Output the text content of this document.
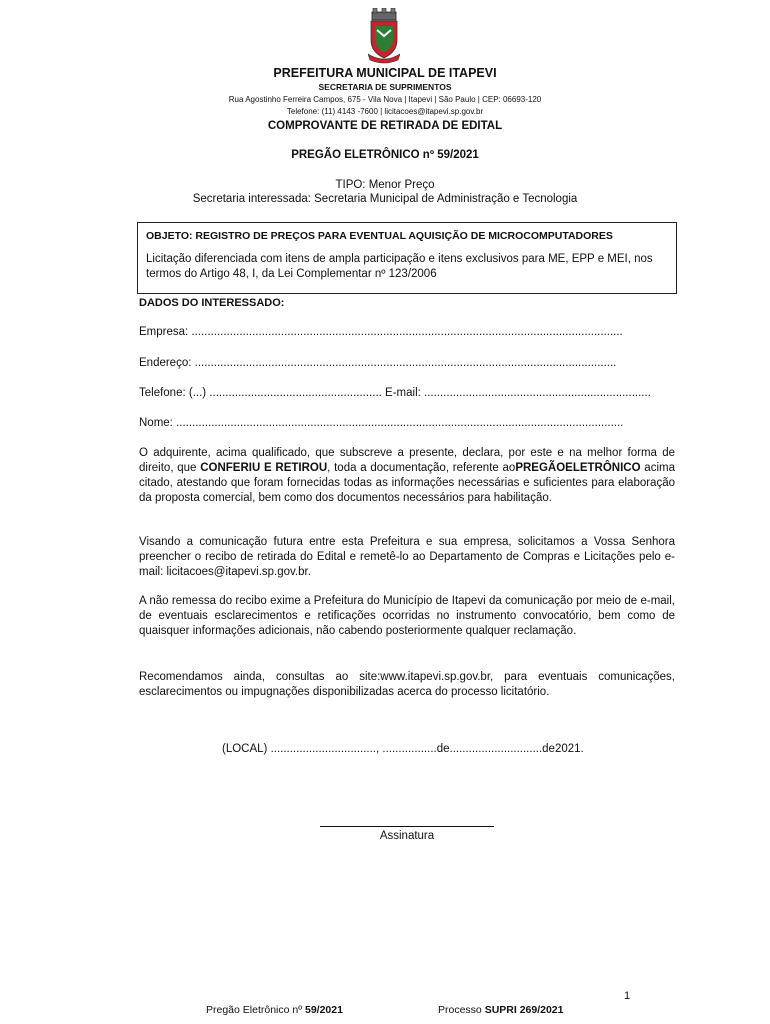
PREFEITURA MUNICIPAL DE ITAPEVI
SECRETARIA DE SUPRIMENTOS
Rua Agostinho Ferreira Campos, 675 - Vila Nova | Itapevi | São Paulo | CEP: 06693-120
Telefone: (11) 4143 -7600 | licitacoes@itapevi.sp.gov.br
COMPROVANTE DE RETIRADA DE EDITAL
PREGÃO ELETRÔNICO nº 59/2021
TIPO: Menor Preço
Secretaria interessada: Secretaria Municipal de Administração e Tecnologia
OBJETO: REGISTRO DE PREÇOS PARA EVENTUAL AQUISIÇÃO DE MICROCOMPUTADORES
Licitação diferenciada com itens de ampla participação e itens exclusivos para ME, EPP e MEI, nos termos do Artigo 48, I, da Lei Complementar nº 123/2006
DADOS DO INTERESSADO:
Empresa: .......................................................................................................................................
Endereço: ....................................................................................................................................
Telefone: (...) ...................................................... E-mail: .......................................................................
Nome: ............................................................................................................................................
O adquirente, acima qualificado, que subscreve a presente, declara, por este e na melhor forma de direito, que CONFERIU E RETIROU, toda a documentação, referente aoPREGÃOELETRÔNICO acima citado, atestando que foram fornecidas todas as informações necessárias e suficientes para elaboração da proposta comercial, bem como dos documentos necessários para habilitação.
Visando a comunicação futura entre esta Prefeitura e sua empresa, solicitamos a Vossa Senhora preencher o recibo de retirada do Edital e remetê-lo ao Departamento de Compras e Licitações pelo e-mail: licitacoes@itapevi.sp.gov.br.
A não remessa do recibo exime a Prefeitura do Município de Itapevi da comunicação por meio de e-mail, de eventuais esclarecimentos e retificações ocorridas no instrumento convocatório, bem como de quaisquer informações adicionais, não cabendo posteriormente qualquer reclamação.
Recomendamos ainda, consultas ao site:www.itapevi.sp.gov.br, para eventuais comunicações, esclarecimentos ou impugnações disponibilizadas acerca do processo licitatório.
(LOCAL) ................................., .................de.............................de2021.
Assinatura
1
Pregão Eletrônico nº 59/2021	Processo SUPRI 269/2021
